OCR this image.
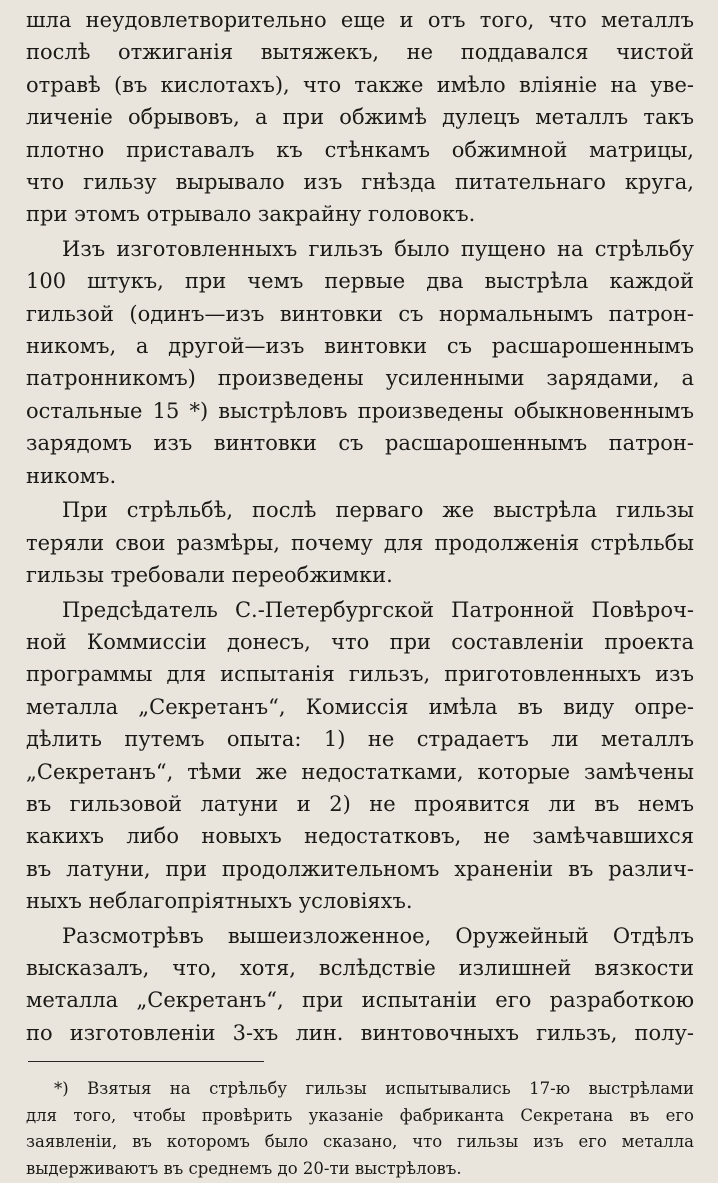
шла неудовлетворительно еще и отъ того, что металлъ
послѣ отжиганія вытяжекъ, не поддавался чистой
отравѣ (въ кислотахъ), что также имѣло вліяніе на уве-
личеніе обрывовъ, а при обжимѣ дулецъ металлъ такъ
плотно приставалъ къ стѣнкамъ обжимной матрицы,
что гильзу вырывало изъ гнѣзда питательнаго круга,
при этомъ отрывало закрайну головокъ.
Изъ изготовленныхъ гильзъ было пущено на стрѣльбу
100 штукъ, при чемъ первые два выстрѣла каждой
гильзой (одинъ—изъ винтовки съ нормальнымъ патрон-
никомъ, а другой—изъ винтовки съ расшарошеннымъ
патронникомъ) произведены усиленными зарядами, а
остальные 15 *) выстрѣловъ произведены обыкновеннымъ
зарядомъ изъ винтовки съ расшарошеннымъ патрон-
никомъ.
При стрѣльбѣ, послѣ перваго же выстрѣла гильзы
теряли свои размѣры, почему для продолженія стрѣльбы
гильзы требовали переобжимки.
Предсѣдатель С.-Петербургской Патронной Повѣроч-
ной Коммиссіи донесъ, что при составленіи проекта
программы для испытанія гильзъ, приготовленныхъ изъ
металла „Секретанъ“, Комиссія имѣла въ виду опре-
дѣлить путемъ опыта: 1) не страдаетъ ли металлъ
„Секретанъ“, тѣми же недостатками, которые замѣчены
въ гильзовой латуни и 2) не проявится ли въ немъ
какихъ либо новыхъ недостатковъ, не замѣчавшихся
въ латуни, при продолжительномъ храненіи въ различ-
ныхъ неблагопріятныхъ условіяхъ.
Разсмотрѣвъ вышеизложенное, Оружейный Отдѣлъ
высказалъ, что, хотя, вслѣдствіе излишней вязкости
металла „Секретанъ“, при испытаніи его разработкою
по изготовленіи 3-хъ лин. винтовочныхъ гильзъ, полу-
*) Взятыя на стрѣльбу гильзы испытывались 17-ю выстрѣлами
для того, чтобы провѣрить указаніе фабриканта Секретана въ его
заявленіи, въ которомъ было сказано, что гильзы изъ его металла
выдерживаютъ въ среднемъ до 20-ти выстрѣловъ.
